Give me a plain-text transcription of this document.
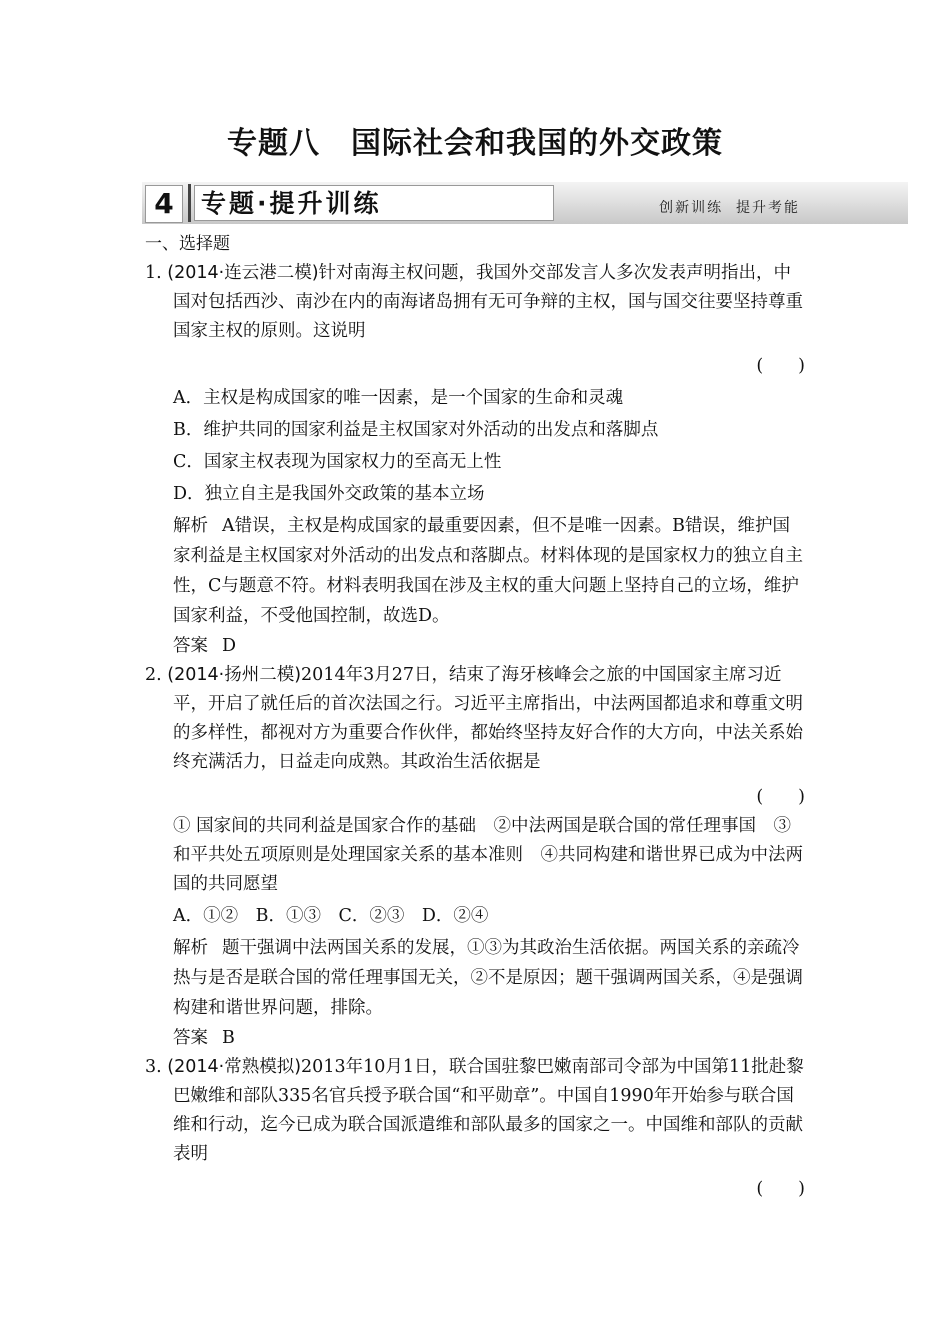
专题八　国际社会和我国的外交政策
4	专题·提升训练	创新训练  提升考能

一、选择题

1. (2014·连云港二模)针对南海主权问题，我国外交部发言人多次发表声明指出，中国对包括西沙、南沙在内的南海诸岛拥有无可争辩的主权，国与国交往要坚持尊重国家主权的原则。这说明

(　　)

A．主权是构成国家的唯一因素，是一个国家的生命和灵魂

B．维护共同的国家利益是主权国家对外活动的出发点和落脚点

C．国家主权表现为国家权力的至高无上性

D．独立自主是我国外交政策的基本立场

解析 A错误，主权是构成国家的最重要因素，但不是唯一因素。B错误，维护国家利益是主权国家对外活动的出发点和落脚点。材料体现的是国家权力的独立自主性，C与题意不符。材料表明我国在涉及主权的重大问题上坚持自己的立场，维护国家利益，不受他国控制，故选D。

答案 D

2. (2014·扬州二模)2014年3月27日，结束了海牙核峰会之旅的中国国家主席习近平，开启了就任后的首次法国之行。习近平主席指出，中法两国都追求和尊重文明的多样性，都视对方为重要合作伙伴，都始终坚持友好合作的大方向，中法关系始终充满活力，日益走向成熟。其政治生活依据是

(　　)

① 国家间的共同利益是国家合作的基础　②中法两国是联合国的常任理事国　③和平共处五项原则是处理国家关系的基本准则　④共同构建和谐世界已成为中法两国的共同愿望

A．①②　B．①③　C．②③　D．②④

解析 题干强调中法两国关系的发展，①③为其政治生活依据。两国关系的亲疏冷热与是否是联合国的常任理事国无关，②不是原因；题干强调两国关系，④是强调构建和谐世界问题，排除。

答案 B

3. (2014·常熟模拟)2013年10月1日，联合国驻黎巴嫩南部司令部为中国第11批赴黎巴嫩维和部队335名官兵授予联合国“和平勋章”。中国自1990年开始参与联合国维和行动，迄今已成为联合国派遣维和部队最多的国家之一。中国维和部队的贡献表明

(　　)
